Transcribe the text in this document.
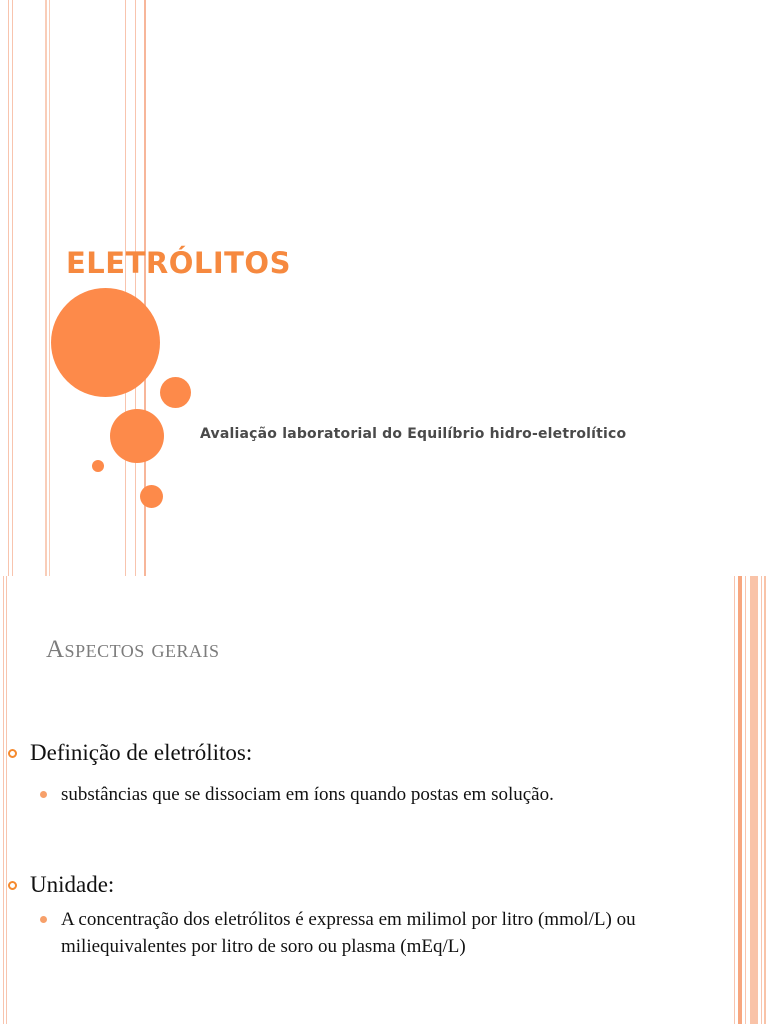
ELETRÓLITOS

Avaliação laboratorial do Equilíbrio hidro-eletrolítico

Aspectos gerais
Definição de eletrólitos:
substâncias que se dissociam em íons quando postas em solução.
Unidade:
A concentração dos eletrólitos é expressa em milimol por litro (mmol/L) ou miliequivalentes por litro de soro ou plasma (mEq/L)
